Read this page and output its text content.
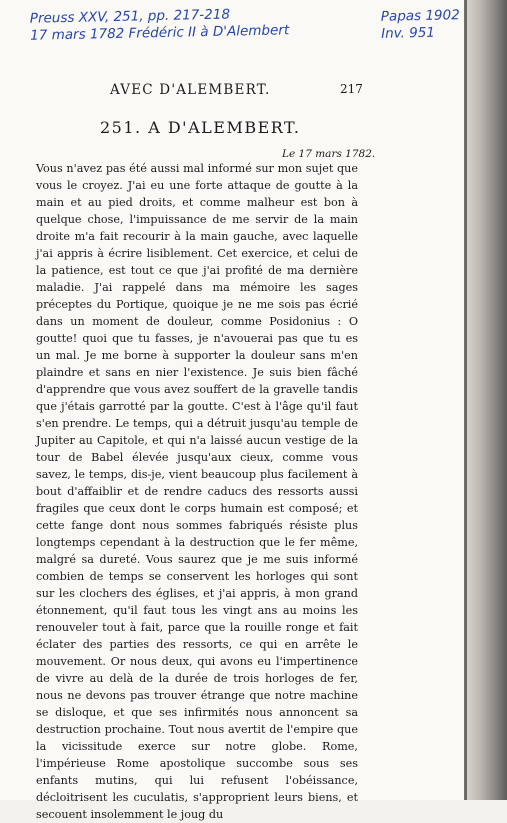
Preuss XXV, 251, pp. 217-218
17 mars 1782 Frédéric II à D'Alembert
Papas 1902
Inv. 951
AVEC D'ALEMBERT.	217
251. A D'ALEMBERT.
Le 17 mars 1782.

Vous n'avez pas été aussi mal informé sur mon sujet que vous le croyez. J'ai eu une forte attaque de goutte à la main et au pied droits, et comme malheur est bon à quelque chose, l'impuissance de me servir de la main droite m'a fait recourir à la main gauche, avec laquelle j'ai appris à écrire lisiblement. Cet exercice, et celui de la patience, est tout ce que j'ai profité de ma dernière maladie. J'ai rappelé dans ma mémoire les sages préceptes du Portique, quoique je ne me sois pas écrié dans un moment de douleur, comme Posidonius : O goutte! quoi que tu fasses, je n'avouerai pas que tu es un mal. Je me borne à supporter la douleur sans m'en plaindre et sans en nier l'existence. Je suis bien fâché d'apprendre que vous avez souffert de la gravelle tandis que j'étais garrotté par la goutte. C'est à l'âge qu'il faut s'en prendre. Le temps, qui a détruit jusqu'au temple de Jupiter au Capitole, et qui n'a laissé aucun vestige de la tour de Babel élevée jusqu'aux cieux, comme vous savez, le temps, dis-je, vient beaucoup plus facilement à bout d'affaiblir et de rendre caducs des ressorts aussi fragiles que ceux dont le corps humain est composé; et cette fange dont nous sommes fabriqués résiste plus longtemps cependant à la destruction que le fer même, malgré sa dureté. Vous saurez que je me suis informé combien de temps se conservent les horloges qui sont sur les clochers des églises, et j'ai appris, à mon grand étonnement, qu'il faut tous les vingt ans au moins les renouveler tout à fait, parce que la rouille ronge et fait éclater des parties des ressorts, ce qui en arrête le mouvement. Or nous deux, qui avons eu l'impertinence de vivre au delà de la durée de trois horloges de fer, nous ne devons pas trouver étrange que notre machine se disloque, et que ses infirmités nous annoncent sa destruction prochaine. Tout nous avertit de l'empire que la vicissitude exerce sur notre globe. Rome, l'impérieuse Rome apostolique succombe sous ses enfants mutins, qui lui refusent l'obéissance, décloitrisent les cuculatis, s'approprient leurs biens, et secouent insolemment le joug du
